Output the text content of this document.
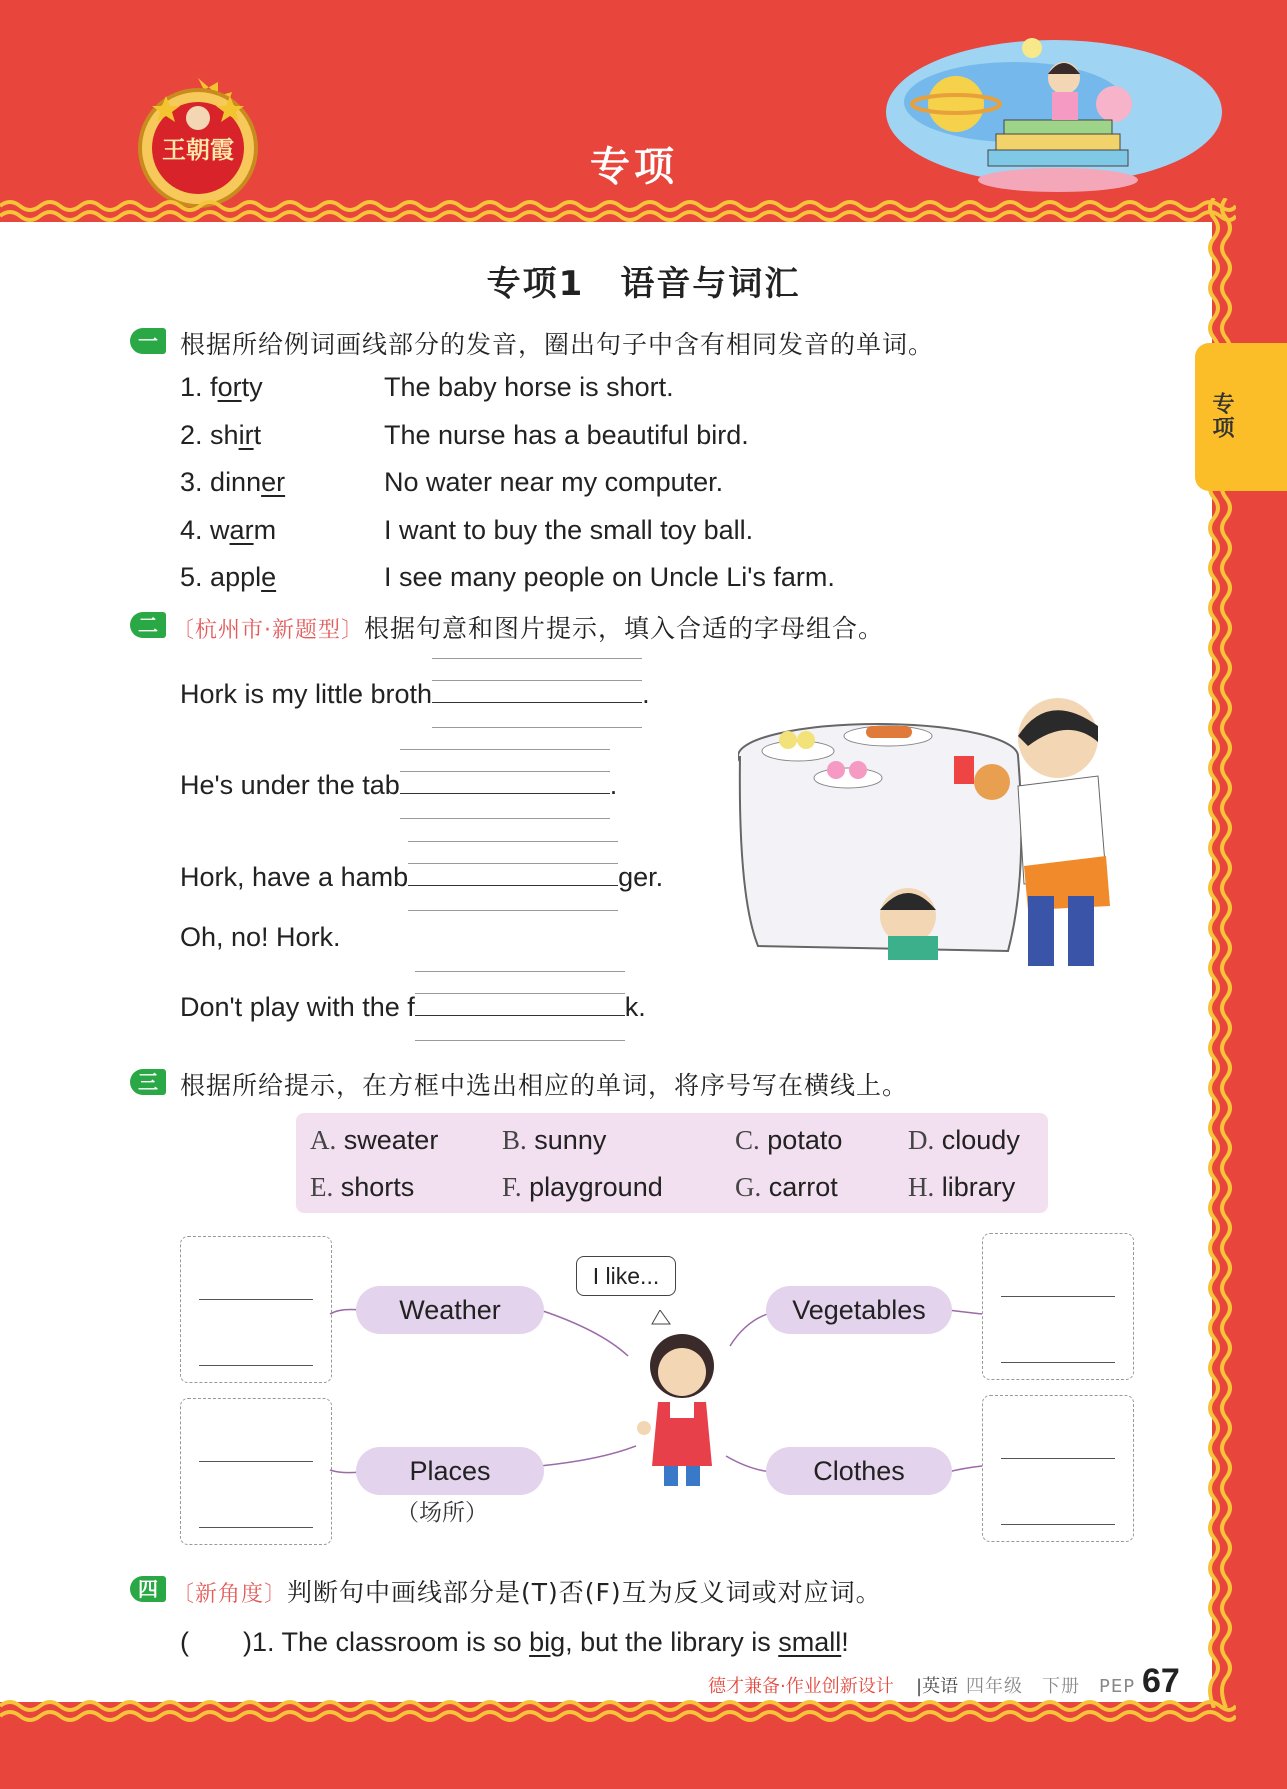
王朝霞	专项
专项
专项1　语音与词汇
一 根据所给例词画线部分的发音，圈出句子中含有相同发音的单词。
1. forty	The baby horse is short.
2. shirt	The nurse has a beautiful bird.
3. dinner	No water near my computer.
4. warm	I want to buy the small toy ball.
5. apple	I see many people on Uncle Li's farm.
二 〔杭州市·新题型〕根据句意和图片提示，填入合适的字母组合。
Hork is my little broth	.
He's under the tab	.
Hork, have a hamb	ger.
Oh, no! Hork.
Don't play with the f	k.
三 根据所给提示，在方框中选出相应的单词，将序号写在横线上。
A. sweater B. sunny	C. potato D. cloudy
E. shorts	F. playground	G. carrot	H. library
Weather	Vegetables
Places
（场所）
Clothes
I like...
四 〔新角度〕判断句中画线部分是(T)否(F)互为反义词或对应词。
(　　)1. The classroom is so big, but the library is small!
德才兼备·作业创新设计 |英语 四年级　下册　PEP 67
